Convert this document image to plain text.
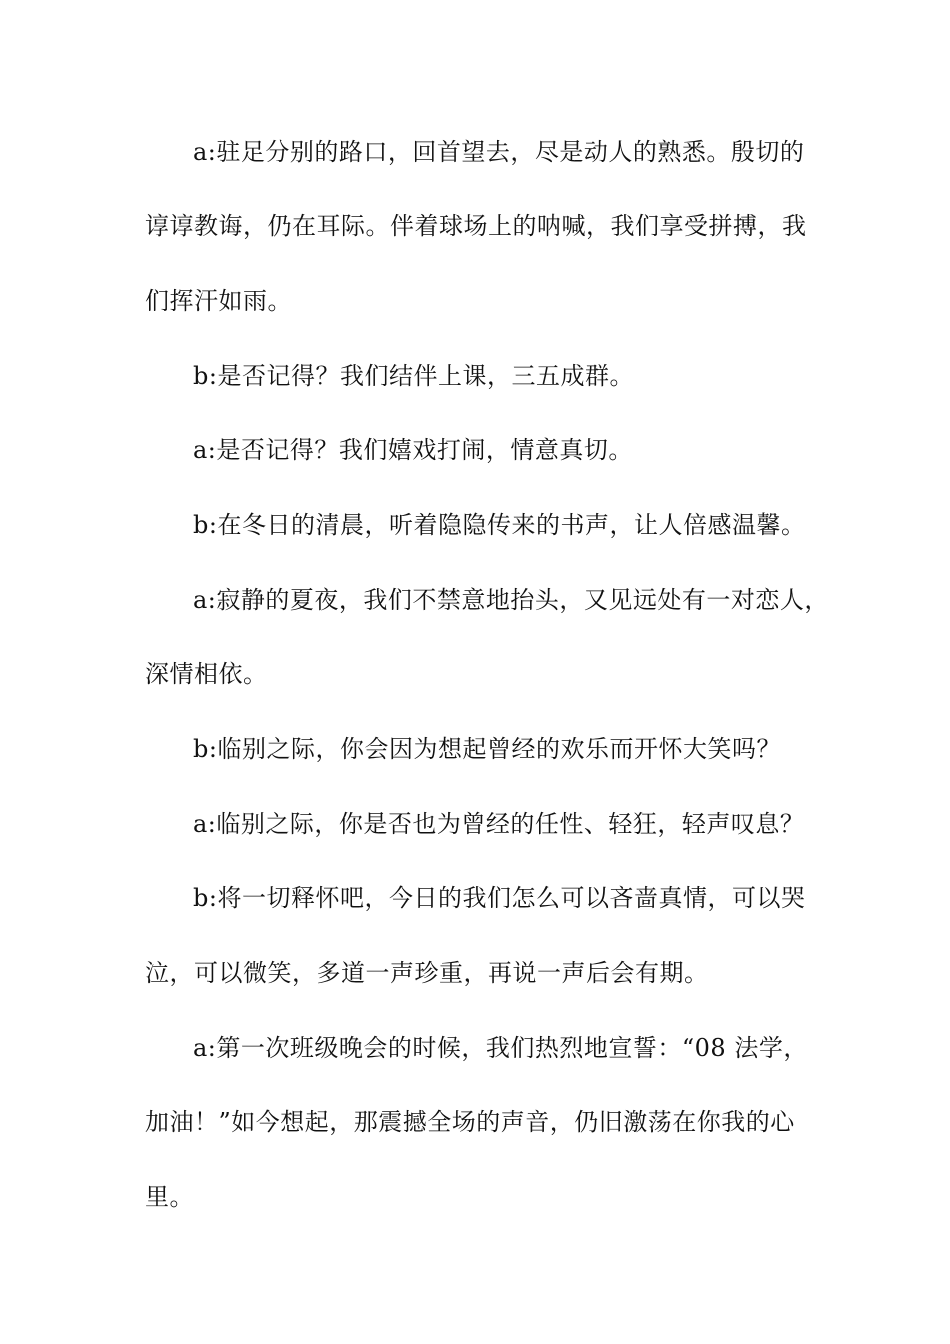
a:驻足分别的路口，回首望去，尽是动人的熟悉。殷切的
谆谆教诲，仍在耳际。伴着球场上的呐喊，我们享受拼搏，我
们挥汗如雨。
b:是否记得？我们结伴上课，三五成群。
a:是否记得？我们嬉戏打闹，情意真切。
b:在冬日的清晨，听着隐隐传来的书声，让人倍感温馨。
a:寂静的夏夜，我们不禁意地抬头，又见远处有一对恋人，
深情相依。
b:临别之际，你会因为想起曾经的欢乐而开怀大笑吗？
a:临别之际，你是否也为曾经的任性、轻狂，轻声叹息？
b:将一切释怀吧，今日的我们怎么可以吝啬真情，可以哭
泣，可以微笑，多道一声珍重，再说一声后会有期。
a:第一次班级晚会的时候，我们热烈地宣誓：“08 法学，
加油！”如今想起，那震撼全场的声音，仍旧激荡在你我的心
里。
